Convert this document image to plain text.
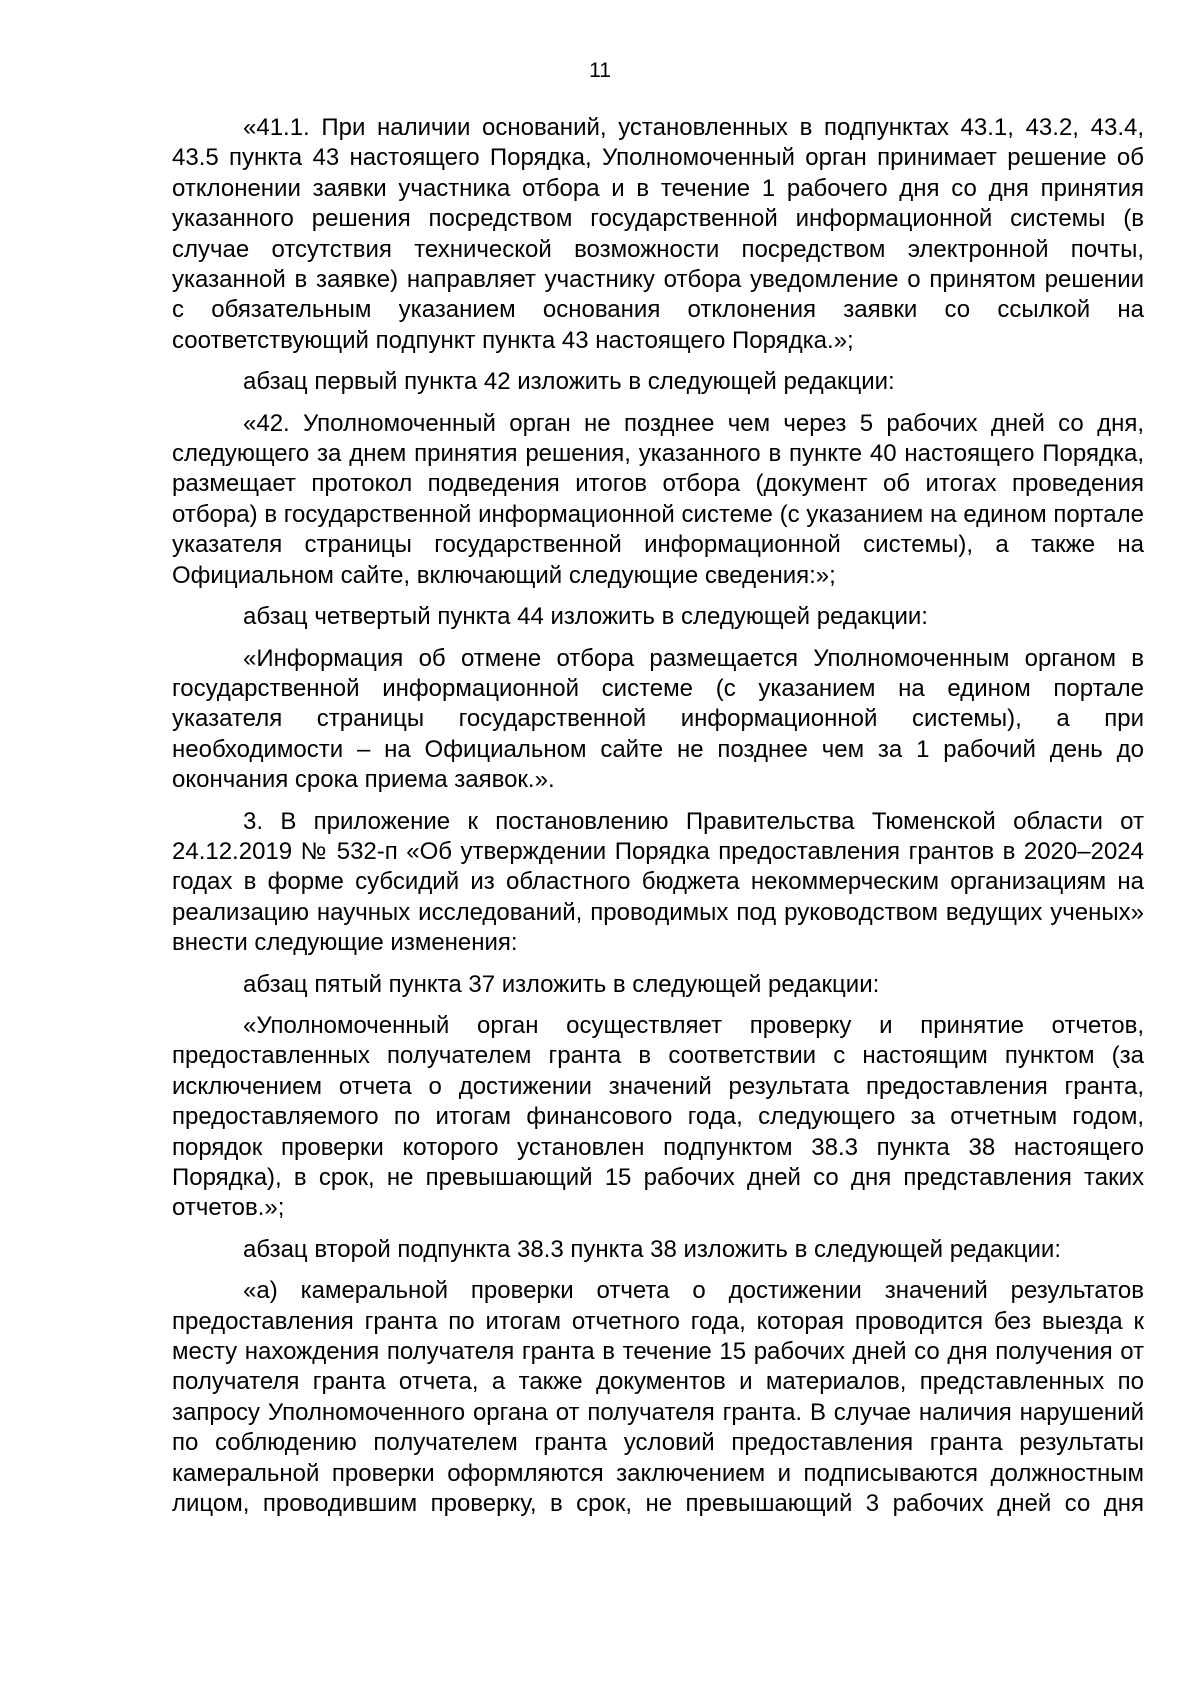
11

«41.1. При наличии оснований, установленных в подпунктах 43.1, 43.2, 43.4, 43.5 пункта 43 настоящего Порядка, Уполномоченный орган принимает решение об отклонении заявки участника отбора и в течение 1 рабочего дня со дня принятия указанного решения посредством государственной информационной системы (в случае отсутствия технической возможности посредством электронной почты, указанной в заявке) направляет участнику отбора уведомление о принятом решении с обязательным указанием основания отклонения заявки со ссылкой на соответствующий подпункт пункта 43 настоящего Порядка.»;

абзац первый пункта 42 изложить в следующей редакции:

«42. Уполномоченный орган не позднее чем через 5 рабочих дней со дня, следующего за днем принятия решения, указанного в пункте 40 настоящего Порядка, размещает протокол подведения итогов отбора (документ об итогах проведения отбора) в государственной информационной системе (с указанием на едином портале указателя страницы государственной информационной системы), а также на Официальном сайте, включающий следующие сведения:»;

абзац четвертый пункта 44 изложить в следующей редакции:

«Информация об отмене отбора размещается Уполномоченным органом в государственной информационной системе (с указанием на едином портале указателя страницы государственной информационной системы), а при необходимости – на Официальном сайте не позднее чем за 1 рабочий день до окончания срока приема заявок.».

3. В приложение к постановлению Правительства Тюменской области от 24.12.2019 № 532-п «Об утверждении Порядка предоставления грантов в 2020–2024 годах в форме субсидий из областного бюджета некоммерческим организациям на реализацию научных исследований, проводимых под руководством ведущих ученых» внести следующие изменения:

абзац пятый пункта 37 изложить в следующей редакции:

«Уполномоченный орган осуществляет проверку и принятие отчетов, предоставленных получателем гранта в соответствии с настоящим пунктом (за исключением отчета о достижении значений результата предоставления гранта, предоставляемого по итогам финансового года, следующего за отчетным годом, порядок проверки которого установлен подпунктом 38.3 пункта 38 настоящего Порядка), в срок, не превышающий 15 рабочих дней со дня представления таких отчетов.»;

абзац второй подпункта 38.3 пункта 38 изложить в следующей редакции:

«а) камеральной проверки отчета о достижении значений результатов предоставления гранта по итогам отчетного года, которая проводится без выезда к месту нахождения получателя гранта в течение 15 рабочих дней со дня получения от получателя гранта отчета, а также документов и материалов, представленных по запросу Уполномоченного органа от получателя гранта. В случае наличия нарушений по соблюдению получателем гранта условий предоставления гранта результаты камеральной проверки оформляются заключением и подписываются должностным лицом, проводившим проверку, в срок, не превышающий 3 рабочих дней со дня
